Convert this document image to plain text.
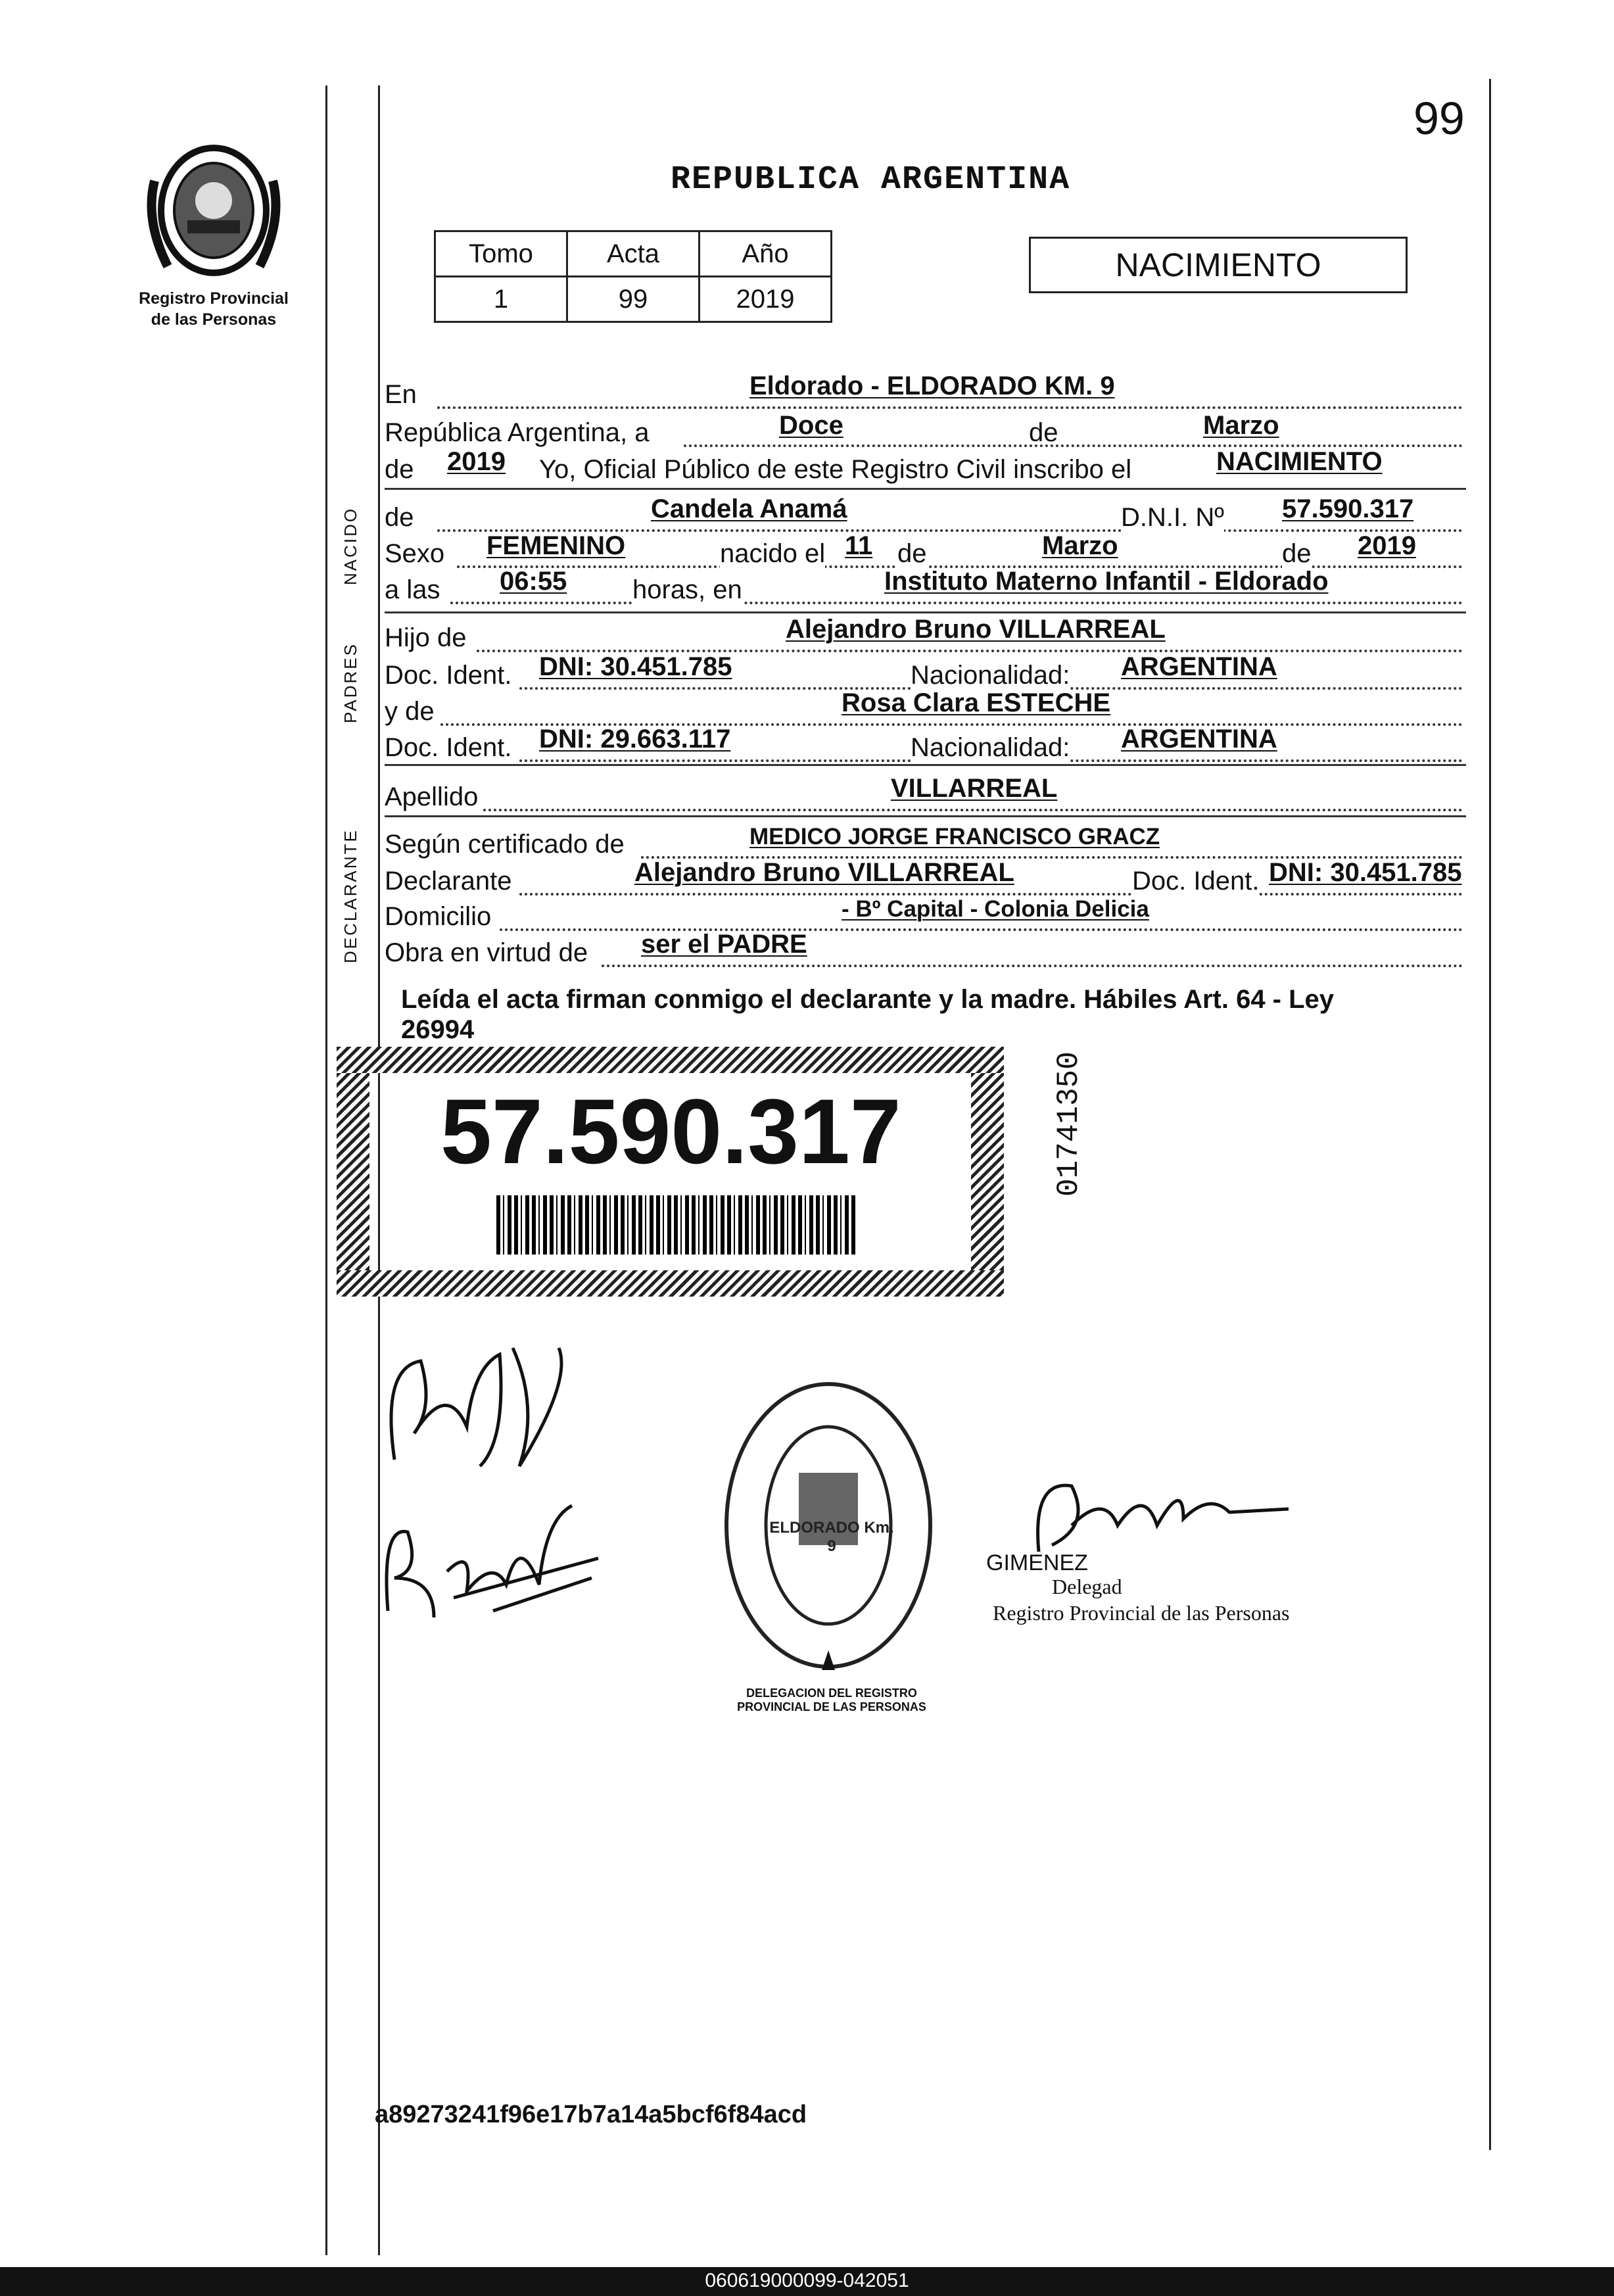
99
Registro Provincial
de las Personas
REPUBLICA ARGENTINA
Tomo	Acta	Año
1	99	2019
NACIMIENTO
NACIDO
PADRES
DECLARANTE
En	Eldorado - ELDORADO KM. 9
República Argentina, a	Doce	de	Marzo
de 2019 Yo, Oficial Público de este Registro Civil inscribo el	NACIMIENTO
de	Candela Anamá	D.N.I. Nº 57.590.317
Sexo FEMENINO	nacido el 11 de	Marzo	de 2019
a las 06:55 horas, en	Instituto Materno Infantil - Eldorado
Hijo de	Alejandro Bruno VILLARREAL
Doc. Ident. DNI: 30.451.785	Nacionalidad: ARGENTINA
y de	Rosa Clara ESTECHE
Doc. Ident. DNI: 29.663.117	Nacionalidad: ARGENTINA
Apellido	VILLARREAL
Según certificado de	MEDICO JORGE FRANCISCO GRACZ
Declarante	Alejandro Bruno VILLARREAL	Doc. Ident. DNI: 30.451.785
Domicilio	- Bº Capital - Colonia Delicia
Obra en virtud de ser el PADRE
Leída el acta firman conmigo el declarante y la madre. Hábiles Art. 64 - Ley
26994
57.590.317	01741350
DELEGACION DEL REGISTRO PROVINCIAL DE LAS PERSONAS
ELDORADO Km. 9
GIMENEZ
Delegad
Registro Provincial de las Personas
a89273241f96e17b7a14a5bcf6f84acd
060619000099-042051
